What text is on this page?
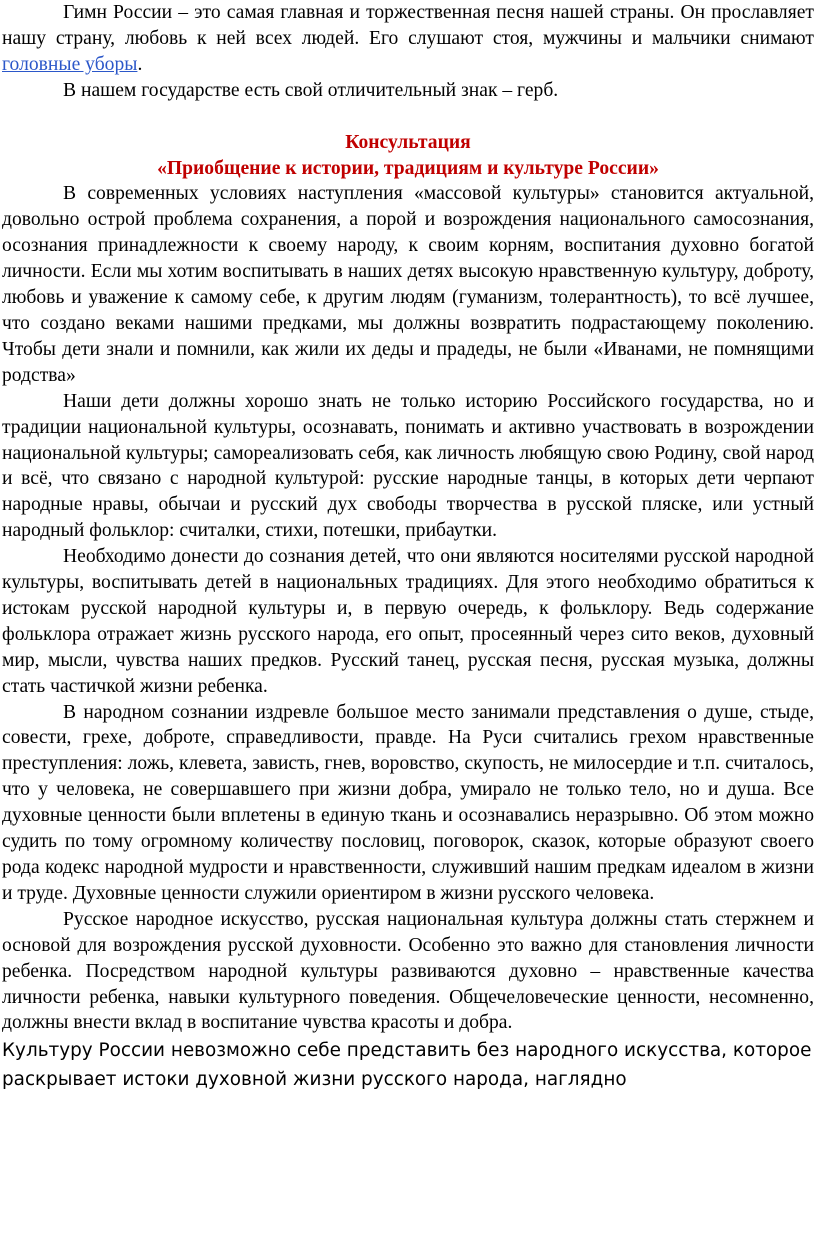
Гимн России – это самая главная и торжественная песня нашей страны. Он прославляет нашу страну, любовь к ней всех людей. Его слушают стоя, мужчины и мальчики снимают головные уборы.

В нашем государстве есть свой отличительный знак – герб.

Консультация

«Приобщение к истории, традициям и культуре России»

В современных условиях наступления «массовой культуры» становится актуальной, довольно острой проблема сохранения, а порой и возрождения национального самосознания, осознания принадлежности к своему народу, к своим корням, воспитания духовно богатой личности. Если мы хотим воспитывать в наших детях высокую нравственную культуру, доброту, любовь и уважение к самому себе, к другим людям (гуманизм, толерантность), то всё лучшее, что создано веками нашими предками, мы должны возвратить подрастающему поколению. Чтобы дети знали и помнили, как жили их деды и прадеды, не были «Иванами, не помнящими родства»

Наши дети должны хорошо знать не только историю Российского государства, но и традиции национальной культуры, осознавать, понимать и активно участвовать в возрождении национальной культуры; самореализовать себя, как личность любящую свою Родину, свой народ и всё, что связано с народной культурой: русские народные танцы, в которых дети черпают народные нравы, обычаи и русский дух свободы творчества в русской пляске, или устный народный фольклор: считалки, стихи, потешки, прибаутки.

Необходимо донести до сознания детей, что они являются носителями русской народной культуры, воспитывать детей в национальных традициях. Для этого необходимо обратиться к истокам русской народной культуры и, в первую очередь, к фольклору. Ведь содержание фольклора отражает жизнь русского народа, его опыт, просеянный через сито веков, духовный мир, мысли, чувства наших предков. Русский танец, русская песня, русская музыка, должны стать частичкой жизни ребенка.

В народном сознании издревле большое место занимали представления о душе, стыде, совести, грехе, доброте, справедливости, правде. На Руси считались грехом нравственные преступления: ложь, клевета, зависть, гнев, воровство, скупость, не милосердие и т.п. считалось, что у человека, не совершавшего при жизни добра, умирало не только тело, но и душа. Все духовные ценности были вплетены в единую ткань и осознавались неразрывно. Об этом можно судить по тому огромному количеству пословиц, поговорок, сказок, которые образуют своего рода кодекс народной мудрости и нравственности, служивший нашим предкам идеалом в жизни и труде. Духовные ценности служили ориентиром в жизни русского человека.

Русское народное искусство, русская национальная культура должны стать стержнем и основой для возрождения русской духовности. Особенно это важно для становления личности ребенка. Посредством народной культуры развиваются духовно – нравственные качества личности ребенка, навыки культурного поведения. Общечеловеческие ценности, несомненно, должны внести вклад в воспитание чувства красоты и добра.

Культуру России невозможно себе представить без народного искусства, которое раскрывает истоки духовной жизни русского народа, наглядно
